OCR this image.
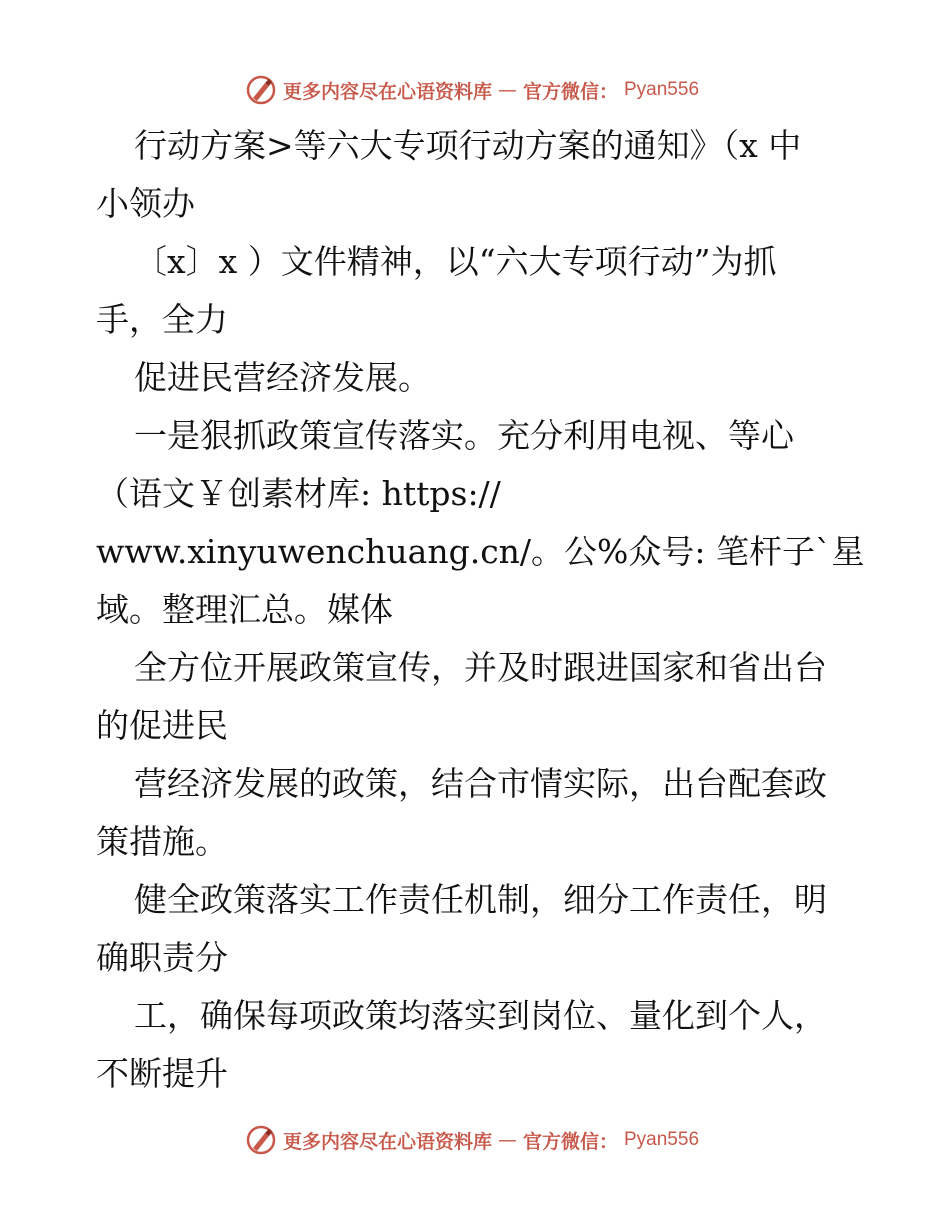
更多内容尽在心语资料库 — 官方微信： Pyan556
行动方案>等六大专项行动方案的通知》（x 中
小领办
〔x〕x ）文件精神，以“六大专项行动”为抓
手，全力
促进民营经济发展。
一是狠抓政策宣传落实。充分利用电视、等心
（语文￥创素材库: https://
www.xinyuwenchuang.cn/。公%众号: 笔杆子`星
域。整理汇总。媒体
全方位开展政策宣传，并及时跟进国家和省出台
的促进民
营经济发展的政策，结合市情实际，出台配套政
策措施。
健全政策落实工作责任机制，细分工作责任，明
确职责分
工，确保每项政策均落实到岗位、量化到个人，
不断提升
更多内容尽在心语资料库 — 官方微信： Pyan556
